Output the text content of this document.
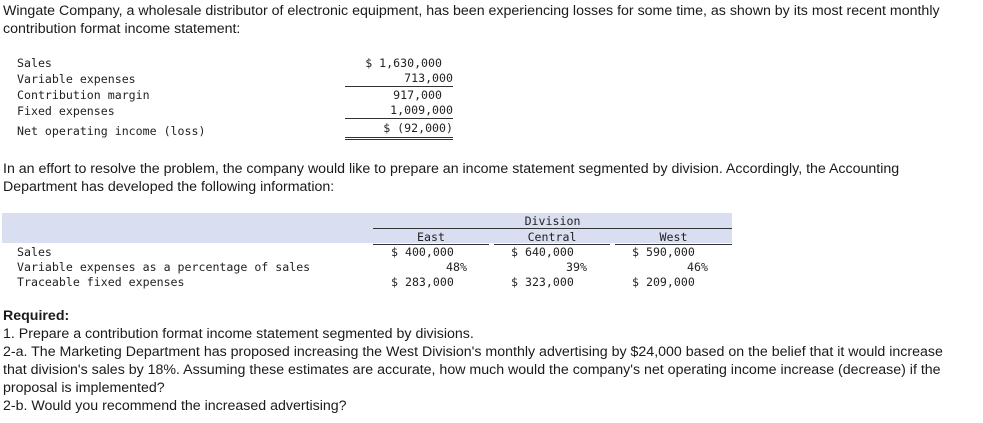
Wingate Company, a wholesale distributor of electronic equipment, has been experiencing losses for some time, as shown by its most recent monthly contribution format income statement:
Sales
Variable expenses
Contribution margin
Fixed expenses
Net operating income (loss)
$ 1,630,000
713,000
917,000
1,009,000
$ (92,000)
In an effort to resolve the problem, the company would like to prepare an income statement segmented by division. Accordingly, the Accounting Department has developed the following information:
Division
East	Central	West
Sales
Variable expenses as a percentage of sales
Traceable fixed expenses
$ 400,000
48%
$ 283,000
$ 640,000
39%
$ 323,000
$ 590,000
46%
$ 209,000
Required:
1. Prepare a contribution format income statement segmented by divisions.
2-a. The Marketing Department has proposed increasing the West Division's monthly advertising by $24,000 based on the belief that it would increase that division's sales by 18%. Assuming these estimates are accurate, how much would the company's net operating income increase (decrease) if the proposal is implemented?
2-b. Would you recommend the increased advertising?
